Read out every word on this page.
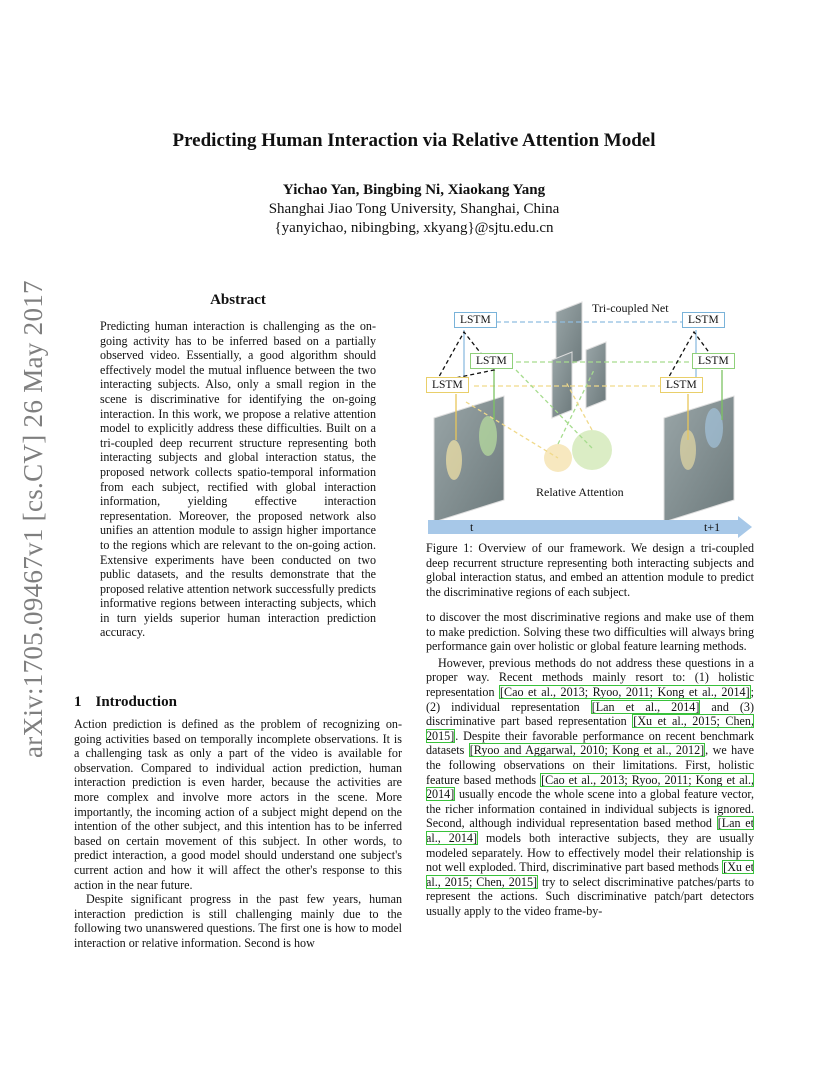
arXiv:1705.09467v1 [cs.CV] 26 May 2017
Predicting Human Interaction via Relative Attention Model
Yichao Yan, Bingbing Ni, Xiaokang Yang
Shanghai Jiao Tong University, Shanghai, China
{yanyichao, nibingbing, xkyang}@sjtu.edu.cn
Abstract
Predicting human interaction is challenging as the on-going activity has to be inferred based on a partially observed video. Essentially, a good algorithm should effectively model the mutual influence between the two interacting subjects. Also, only a small region in the scene is discriminative for identifying the on-going interaction. In this work, we propose a relative attention model to explicitly address these difficulties. Built on a tri-coupled deep recurrent structure representing both interacting subjects and global interaction status, the proposed network collects spatio-temporal information from each subject, rectified with global interaction information, yielding effective interaction representation. Moreover, the proposed network also unifies an attention module to assign higher importance to the regions which are relevant to the on-going action. Extensive experiments have been conducted on two public datasets, and the results demonstrate that the proposed relative attention network successfully predicts informative regions between interacting subjects, which in turn yields superior human interaction prediction accuracy.
1 Introduction

Action prediction is defined as the problem of recognizing on-going activities based on temporally incomplete observations. It is a challenging task as only a part of the video is available for observation. Compared to individual action prediction, human interaction prediction is even harder, because the activities are more complex and involve more actors in the scene. More importantly, the incoming action of a subject might depend on the intention of the other subject, and this intention has to be inferred based on certain movement of this subject. In other words, to predict interaction, a good model should understand one subject's current action and how it will affect the other's response to this action in the near future.

Despite significant progress in the past few years, human interaction prediction is still challenging mainly due to the following two unanswered questions. The first one is how to model interaction or relative information. Second is how

LSTM
LSTM
LSTM
LSTM
LSTM
LSTM
Tri-coupled Net
Relative Attention
t	t+1
Figure 1: Overview of our framework. We design a tri-coupled deep recurrent structure representing both interacting subjects and global interaction status, and embed an attention module to predict the discriminative regions of each subject.

to discover the most discriminative regions and make use of them to make prediction. Solving these two difficulties will always bring performance gain over holistic or global feature learning methods.

However, previous methods do not address these questions in a proper way. Recent methods mainly resort to: (1) holistic representation [Cao et al., 2013; Ryoo, 2011; Kong et al., 2014]; (2) individual representation [Lan et al., 2014] and (3) discriminative part based representation [Xu et al., 2015; Chen, 2015]. Despite their favorable performance on recent benchmark datasets [Ryoo and Aggarwal, 2010; Kong et al., 2012], we have the following observations on their limitations. First, holistic feature based methods [Cao et al., 2013; Ryoo, 2011; Kong et al., 2014] usually encode the whole scene into a global feature vector, the richer information contained in individual subjects is ignored. Second, although individual representation based method [Lan et al., 2014] models both interactive subjects, they are usually modeled separately. How to effectively model their relationship is not well exploded. Third, discriminative part based methods [Xu et al., 2015; Chen, 2015] try to select discriminative patches/parts to represent the actions. Such discriminative patch/part detectors usually apply to the video frame-by-
